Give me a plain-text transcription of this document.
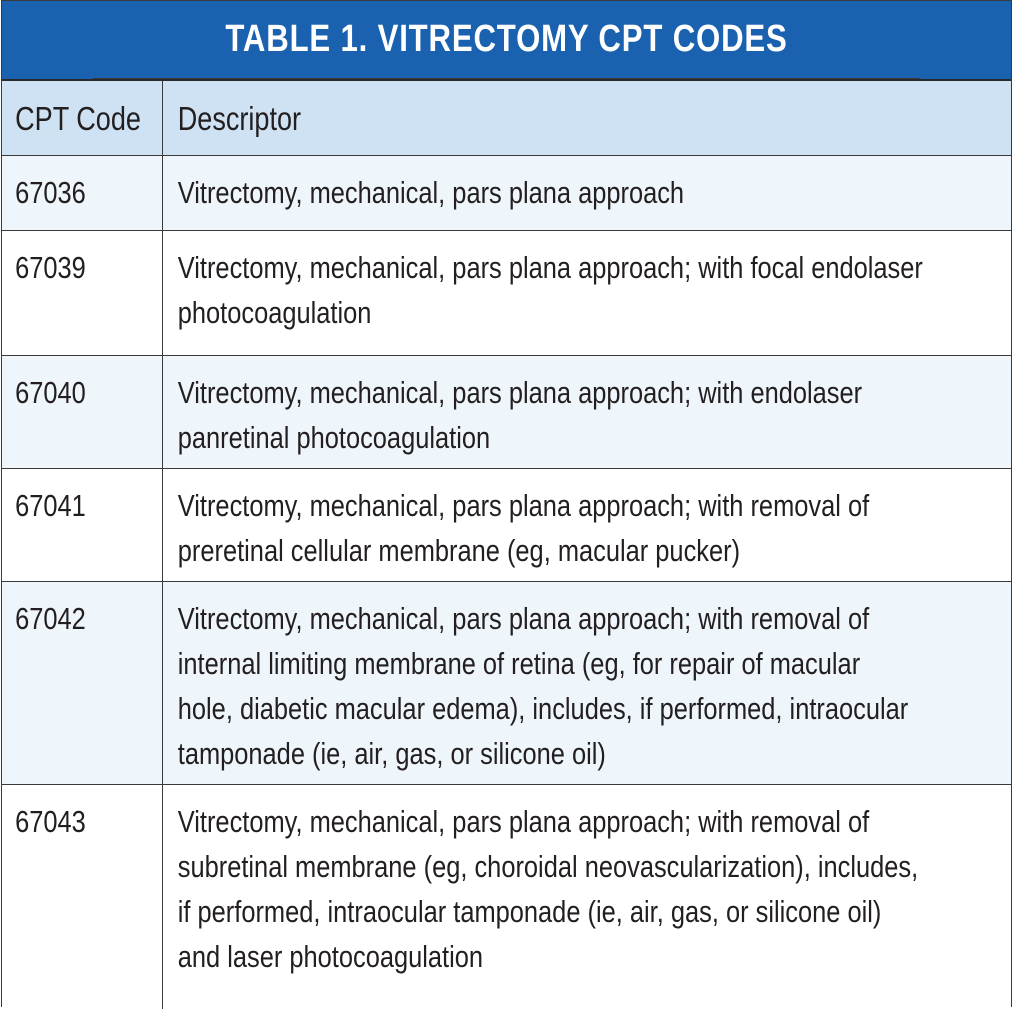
TABLE 1. VITRECTOMY CPT CODES
CPT Code	Descriptor

67036	Vitrectomy, mechanical, pars plana approach

67039	Vitrectomy, mechanical, pars plana approach; with focal endolaser
photocoagulation

67040	Vitrectomy, mechanical, pars plana approach; with endolaser
panretinal photocoagulation

67041	Vitrectomy, mechanical, pars plana approach; with removal of
preretinal cellular membrane (eg, macular pucker)

67042	Vitrectomy, mechanical, pars plana approach; with removal of
internal limiting membrane of retina (eg, for repair of macular
hole, diabetic macular edema), includes, if performed, intraocular
tamponade (ie, air, gas, or silicone oil)

67043	Vitrectomy, mechanical, pars plana approach; with removal of
subretinal membrane (eg, choroidal neovascularization), includes,
if performed, intraocular tamponade (ie, air, gas, or silicone oil)
and laser photocoagulation
